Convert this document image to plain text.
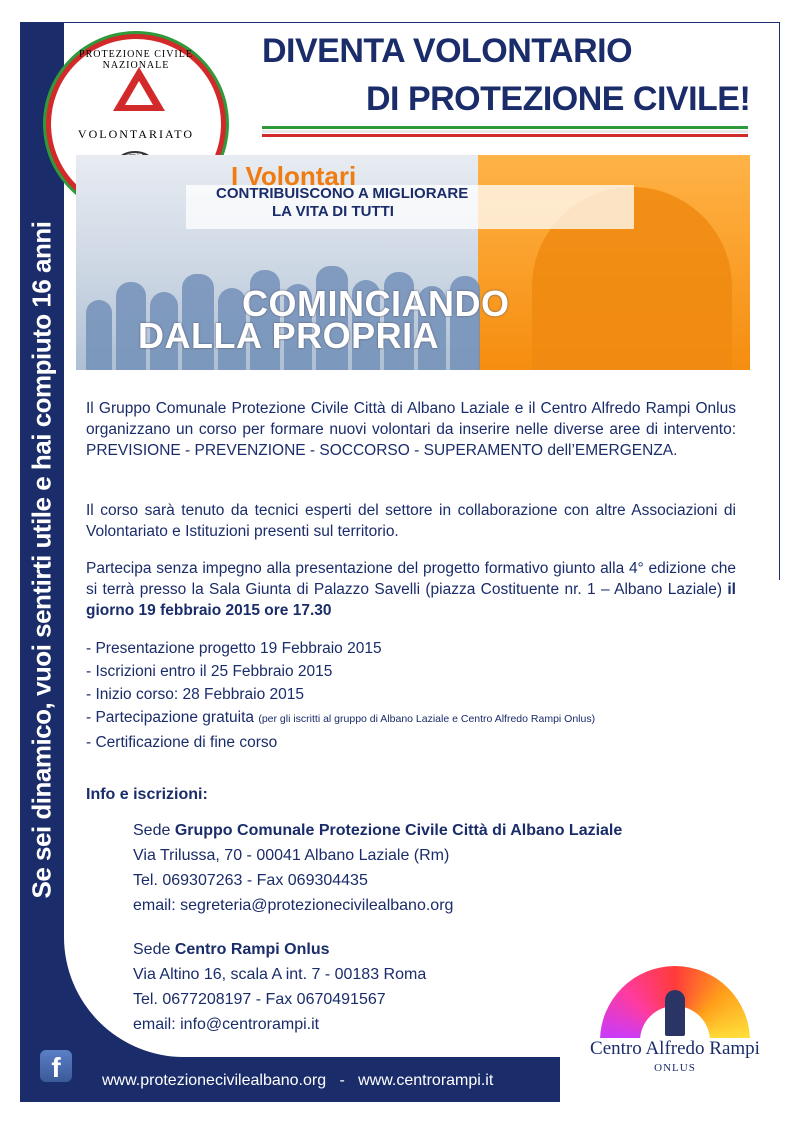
Se sei dinamico, vuoi sentirti utile e hai compiuto 16 anni
PROTEZIONE CIVILE NAZIONALE
VOLONTARIATO
DIVENTA VOLONTARIO
DI PROTEZIONE CIVILE!
I Volontari
CONTRIBUISCONO A MIGLIORARE
LA VITA DI TUTTI
COMINCIANDO
DALLA PROPRIA
Il Gruppo Comunale Protezione Civile Città di Albano Laziale e il Centro Alfredo Rampi Onlus organizzano un corso per formare nuovi volontari da inserire nelle diverse aree di intervento: PREVISIONE - PREVENZIONE - SOCCORSO - SUPERAMENTO dell’EMERGENZA.
Il corso sarà tenuto da tecnici esperti del settore in collaborazione con altre Associazioni di Volontariato e Istituzioni presenti sul territorio.
Partecipa senza impegno alla presentazione del progetto formativo giunto alla 4° edizione che si terrà presso la Sala Giunta di Palazzo Savelli (piazza Costituente nr. 1 – Albano Laziale) il giorno 19 febbraio 2015 ore 17.30
- Presentazione progetto 19 Febbraio 2015
- Iscrizioni entro il 25 Febbraio 2015
- Inizio corso: 28 Febbraio 2015
- Partecipazione gratuita (per gli iscritti al gruppo di Albano Laziale e Centro Alfredo Rampi Onlus)
- Certificazione di fine corso
Info e iscrizioni:
Sede Gruppo Comunale Protezione Civile Città di Albano Laziale
Via Trilussa, 70 - 00041 Albano Laziale (Rm)
Tel. 069307263 - Fax 069304435
email: segreteria@protezionecivilealbano.org
Sede Centro Rampi Onlus
Via Altino 16, scala A int. 7 - 00183 Roma
Tel. 0677208197 - Fax 0670491567
email: info@centrorampi.it
Centro Alfredo Rampi
ONLUS
f	www.protezionecivilealbano.org   -   www.centrorampi.it
